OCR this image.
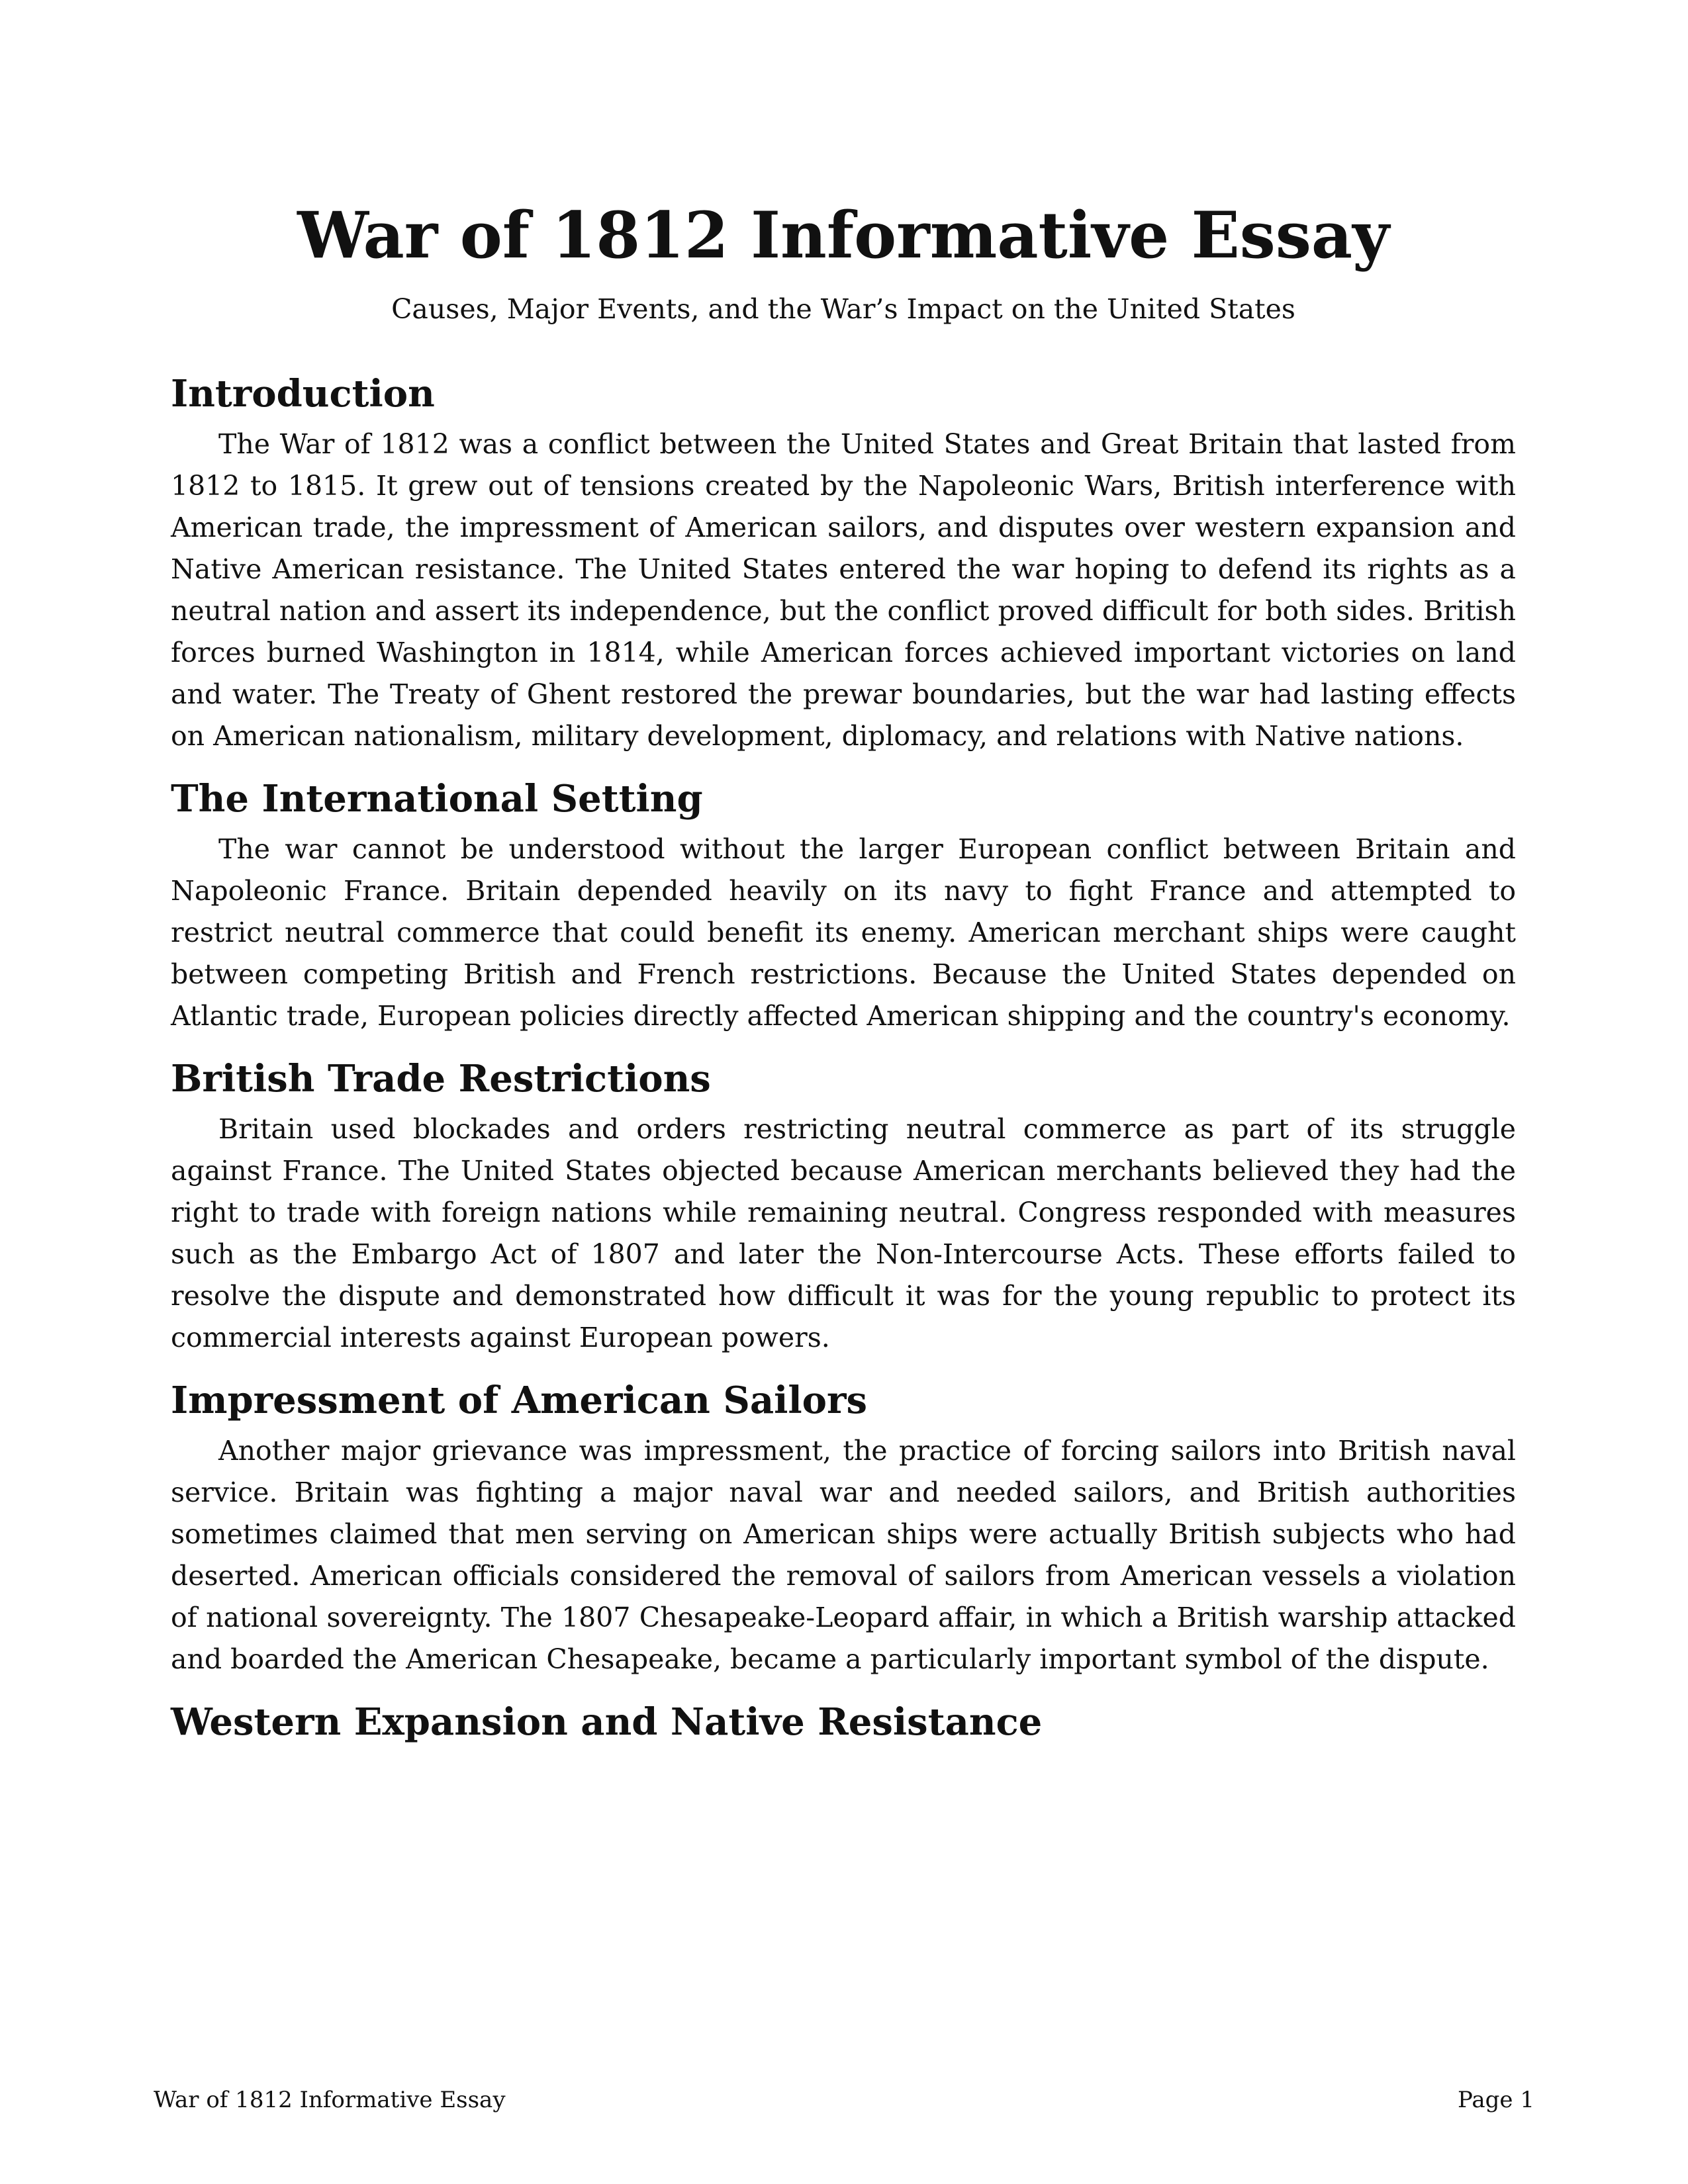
War of 1812 Informative Essay
Causes, Major Events, and the War’s Impact on the United States
Introduction

The War of 1812 was a conflict between the United States and Great Britain that lasted from 1812 to 1815. It grew out of tensions created by the Napoleonic Wars, British interference with American trade, the impressment of American sailors, and disputes over western expansion and Native American resistance. The United States entered the war hoping to defend its rights as a neutral nation and assert its independence, but the conflict proved difficult for both sides. British forces burned Washington in 1814, while American forces achieved important victories on land and water. The Treaty of Ghent restored the prewar boundaries, but the war had lasting effects on American nationalism, military development, diplomacy, and relations with Native nations.

The International Setting

The war cannot be understood without the larger European conflict between Britain and Napoleonic France. Britain depended heavily on its navy to fight France and attempted to restrict neutral commerce that could benefit its enemy. American merchant ships were caught between competing British and French restrictions. Because the United States depended on Atlantic trade, European policies directly affected American shipping and the country's economy.

British Trade Restrictions

Britain used blockades and orders restricting neutral commerce as part of its struggle against France. The United States objected because American merchants believed they had the right to trade with foreign nations while remaining neutral. Congress responded with measures such as the Embargo Act of 1807 and later the Non-Intercourse Acts. These efforts failed to resolve the dispute and demonstrated how difficult it was for the young republic to protect its commercial interests against European powers.

Impressment of American Sailors

Another major grievance was impressment, the practice of forcing sailors into British naval service. Britain was fighting a major naval war and needed sailors, and British authorities sometimes claimed that men serving on American ships were actually British subjects who had deserted. American officials considered the removal of sailors from American vessels a violation of national sovereignty. The 1807 Chesapeake-Leopard affair, in which a British warship attacked and boarded the American Chesapeake, became a particularly important symbol of the dispute.

Western Expansion and Native Resistance
War of 1812 Informative Essay	Page 1
